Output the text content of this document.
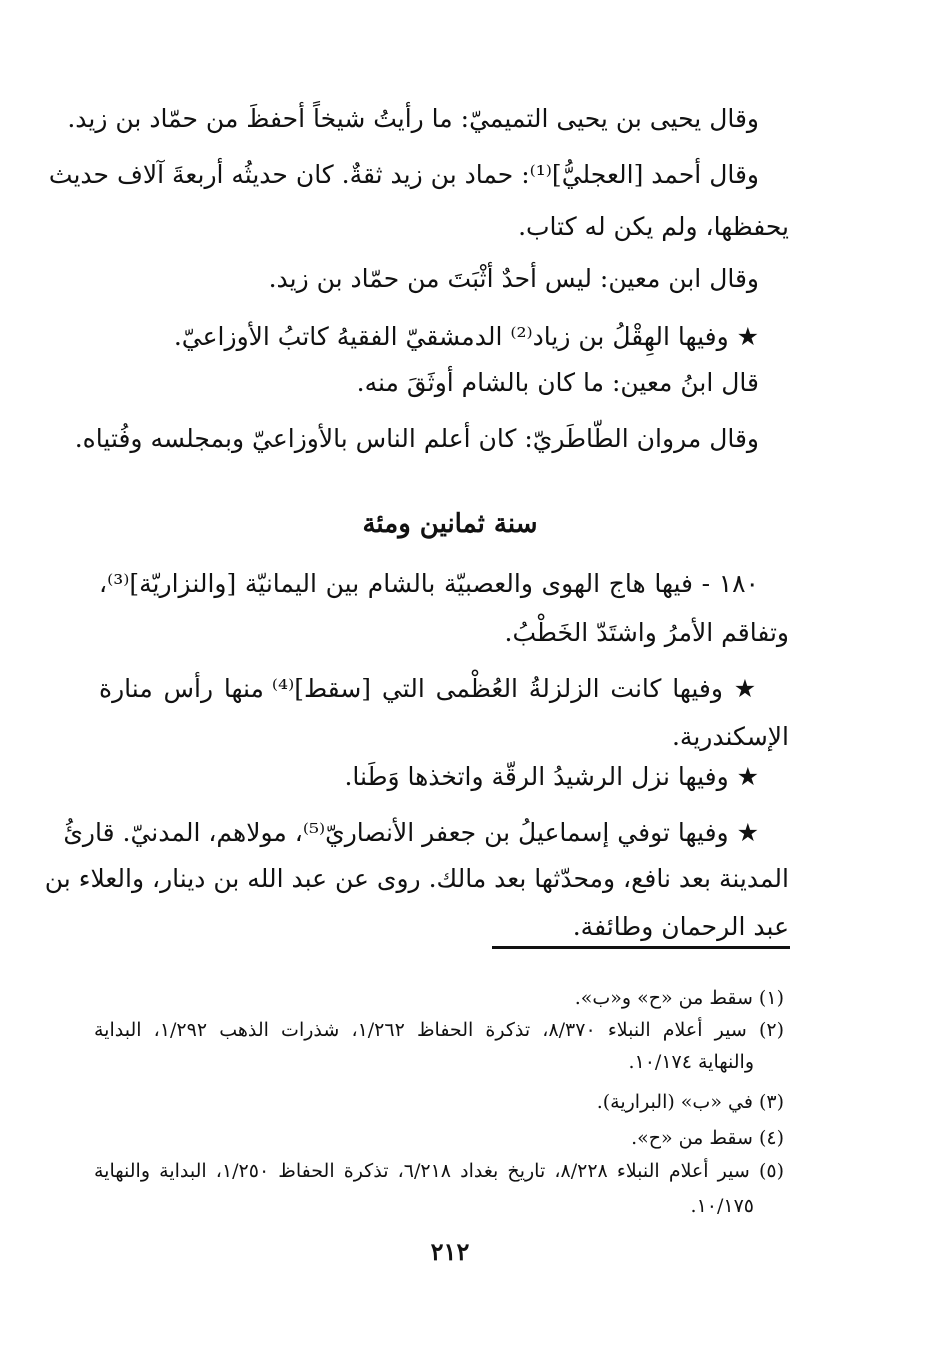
وقال يحيى بن يحيى التميميّ: ما رأيتُ شيخاً أحفظَ من حمّاد بن زيد.
وقال أحمد [العجليُّ]⁽¹⁾: حماد بن زيد ثقةٌ. كان حديثُه أربعةَ آلاف حديث
يحفظها، ولم يكن له كتاب.
وقال ابن معين: ليس أحدٌ أثْبَتَ من حمّاد بن زيد.
★ وفيها الهِقْلُ بن زياد⁽²⁾ الدمشقيّ الفقيهُ كاتبُ الأوزاعيّ.
قال ابنُ معين: ما كان بالشام أوثَقَ منه.
وقال مروان الطّاطَريّ: كان أعلم الناس بالأوزاعيّ وبمجلسه وفُتياه.
سنة ثمانين ومئة
١٨٠ - فيها هاج الهوى والعصبيّة بالشام بين اليمانيّة [والنزاريّة]⁽³⁾،
وتفاقم الأمرُ واشتَدّ الخَطْبُ.
★ وفيها كانت الزلزلةُ العُظْمى التي [سقط]⁽⁴⁾ منها رأس منارة
الإسكندرية.
★ وفيها نزل الرشيدُ الرقّة واتخذها وَطَنا.
★ وفيها توفي إسماعيلُ بن جعفر الأنصاريّ⁽⁵⁾، مولاهم، المدنيّ. قارئُ
المدينة بعد نافع، ومحدّثها بعد مالك. روى عن عبد الله بن دينار، والعلاء بن
عبد الرحمان وطائفة.
(١) سقط من «ح» و«ب».
(٢) سير أعلام النبلاء ٨/٣٧٠، تذكرة الحفاظ ١/٢٦٢، شذرات الذهب ١/٢٩٢، البداية
والنهاية ١٠/١٧٤.
(٣) في «ب» (البرارية).
(٤) سقط من «ح».
(٥) سير أعلام النبلاء ٨/٢٢٨، تاريخ بغداد ٦/٢١٨، تذكرة الحفاظ ١/٢٥٠، البداية والنهاية
١٠/١٧٥.
٢١٢
